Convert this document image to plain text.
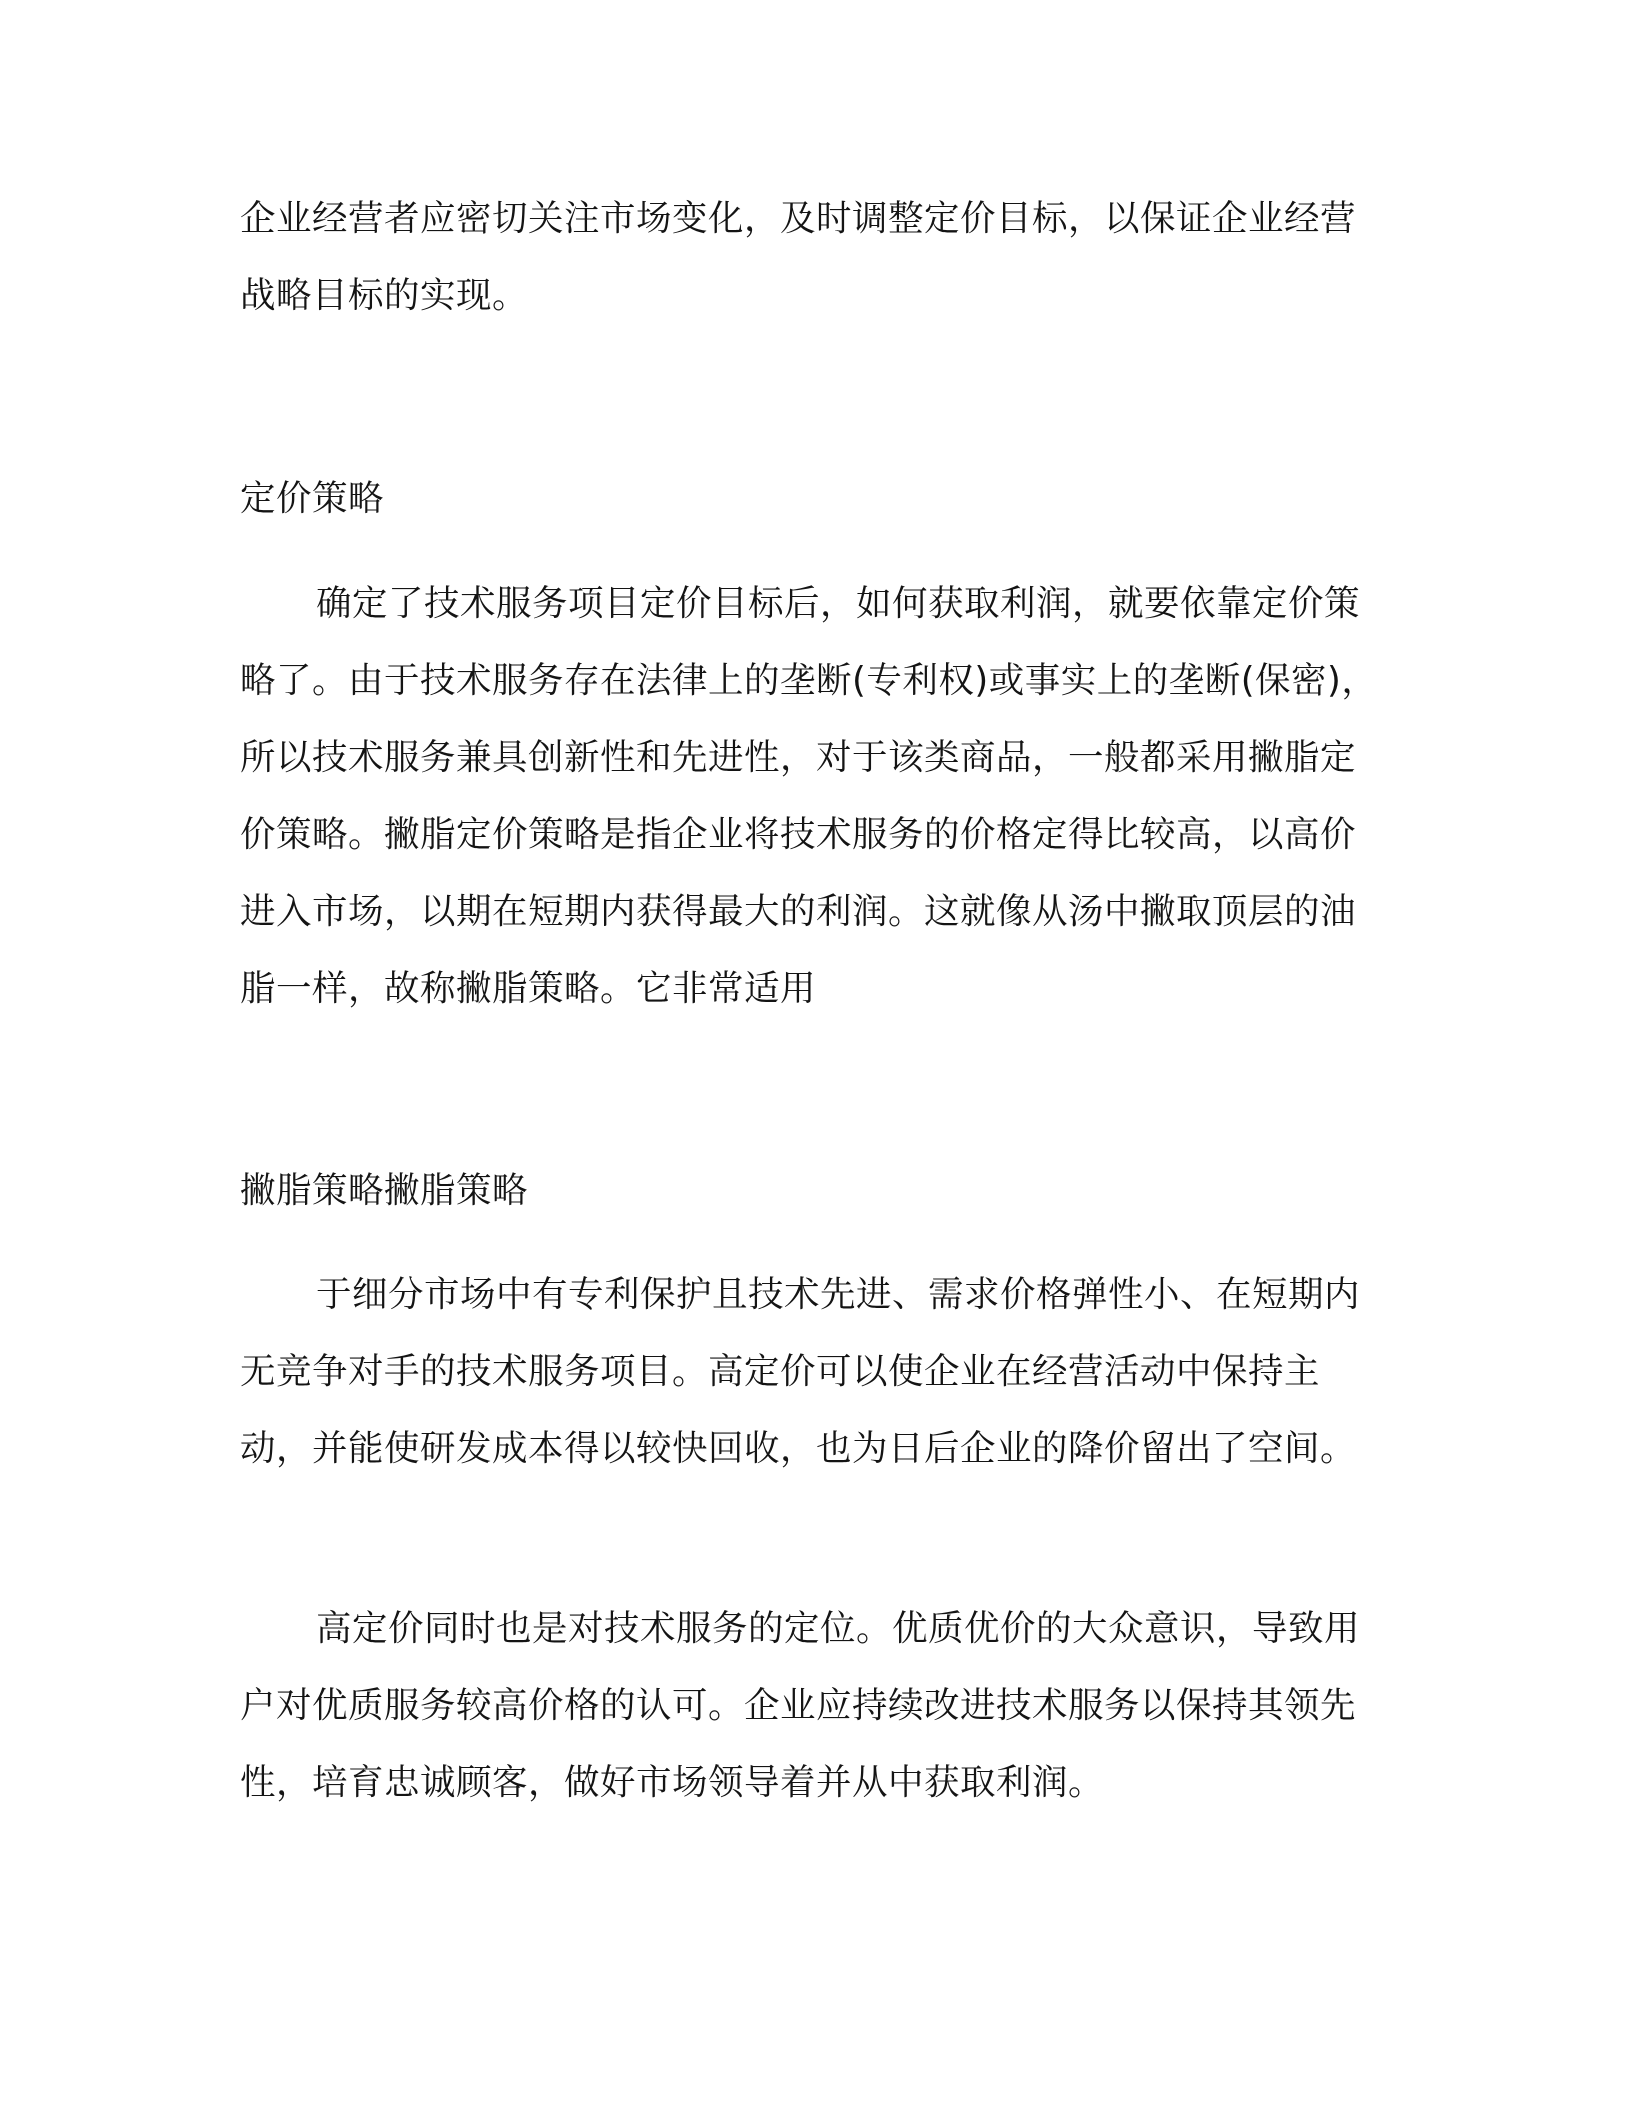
企业经营者应密切关注市场变化，及时调整定价目标，以保证企业经营战略目标的实现。

定价策略

确定了技术服务项目定价目标后，如何获取利润，就要依靠定价策略了。由于技术服务存在法律上的垄断(专利权)或事实上的垄断(保密)，所以技术服务兼具创新性和先进性，对于该类商品，一般都采用撇脂定价策略。撇脂定价策略是指企业将技术服务的价格定得比较高，以高价进入市场，以期在短期内获得最大的利润。这就像从汤中撇取顶层的油脂一样，故称撇脂策略。它非常适用

撇脂策略撇脂策略

于细分市场中有专利保护且技术先进、需求价格弹性小、在短期内无竞争对手的技术服务项目。高定价可以使企业在经营活动中保持主动，并能使研发成本得以较快回收，也为日后企业的降价留出了空间。

高定价同时也是对技术服务的定位。优质优价的大众意识，导致用户对优质服务较高价格的认可。企业应持续改进技术服务以保持其领先性，培育忠诚顾客，做好市场领导着并从中获取利润。
